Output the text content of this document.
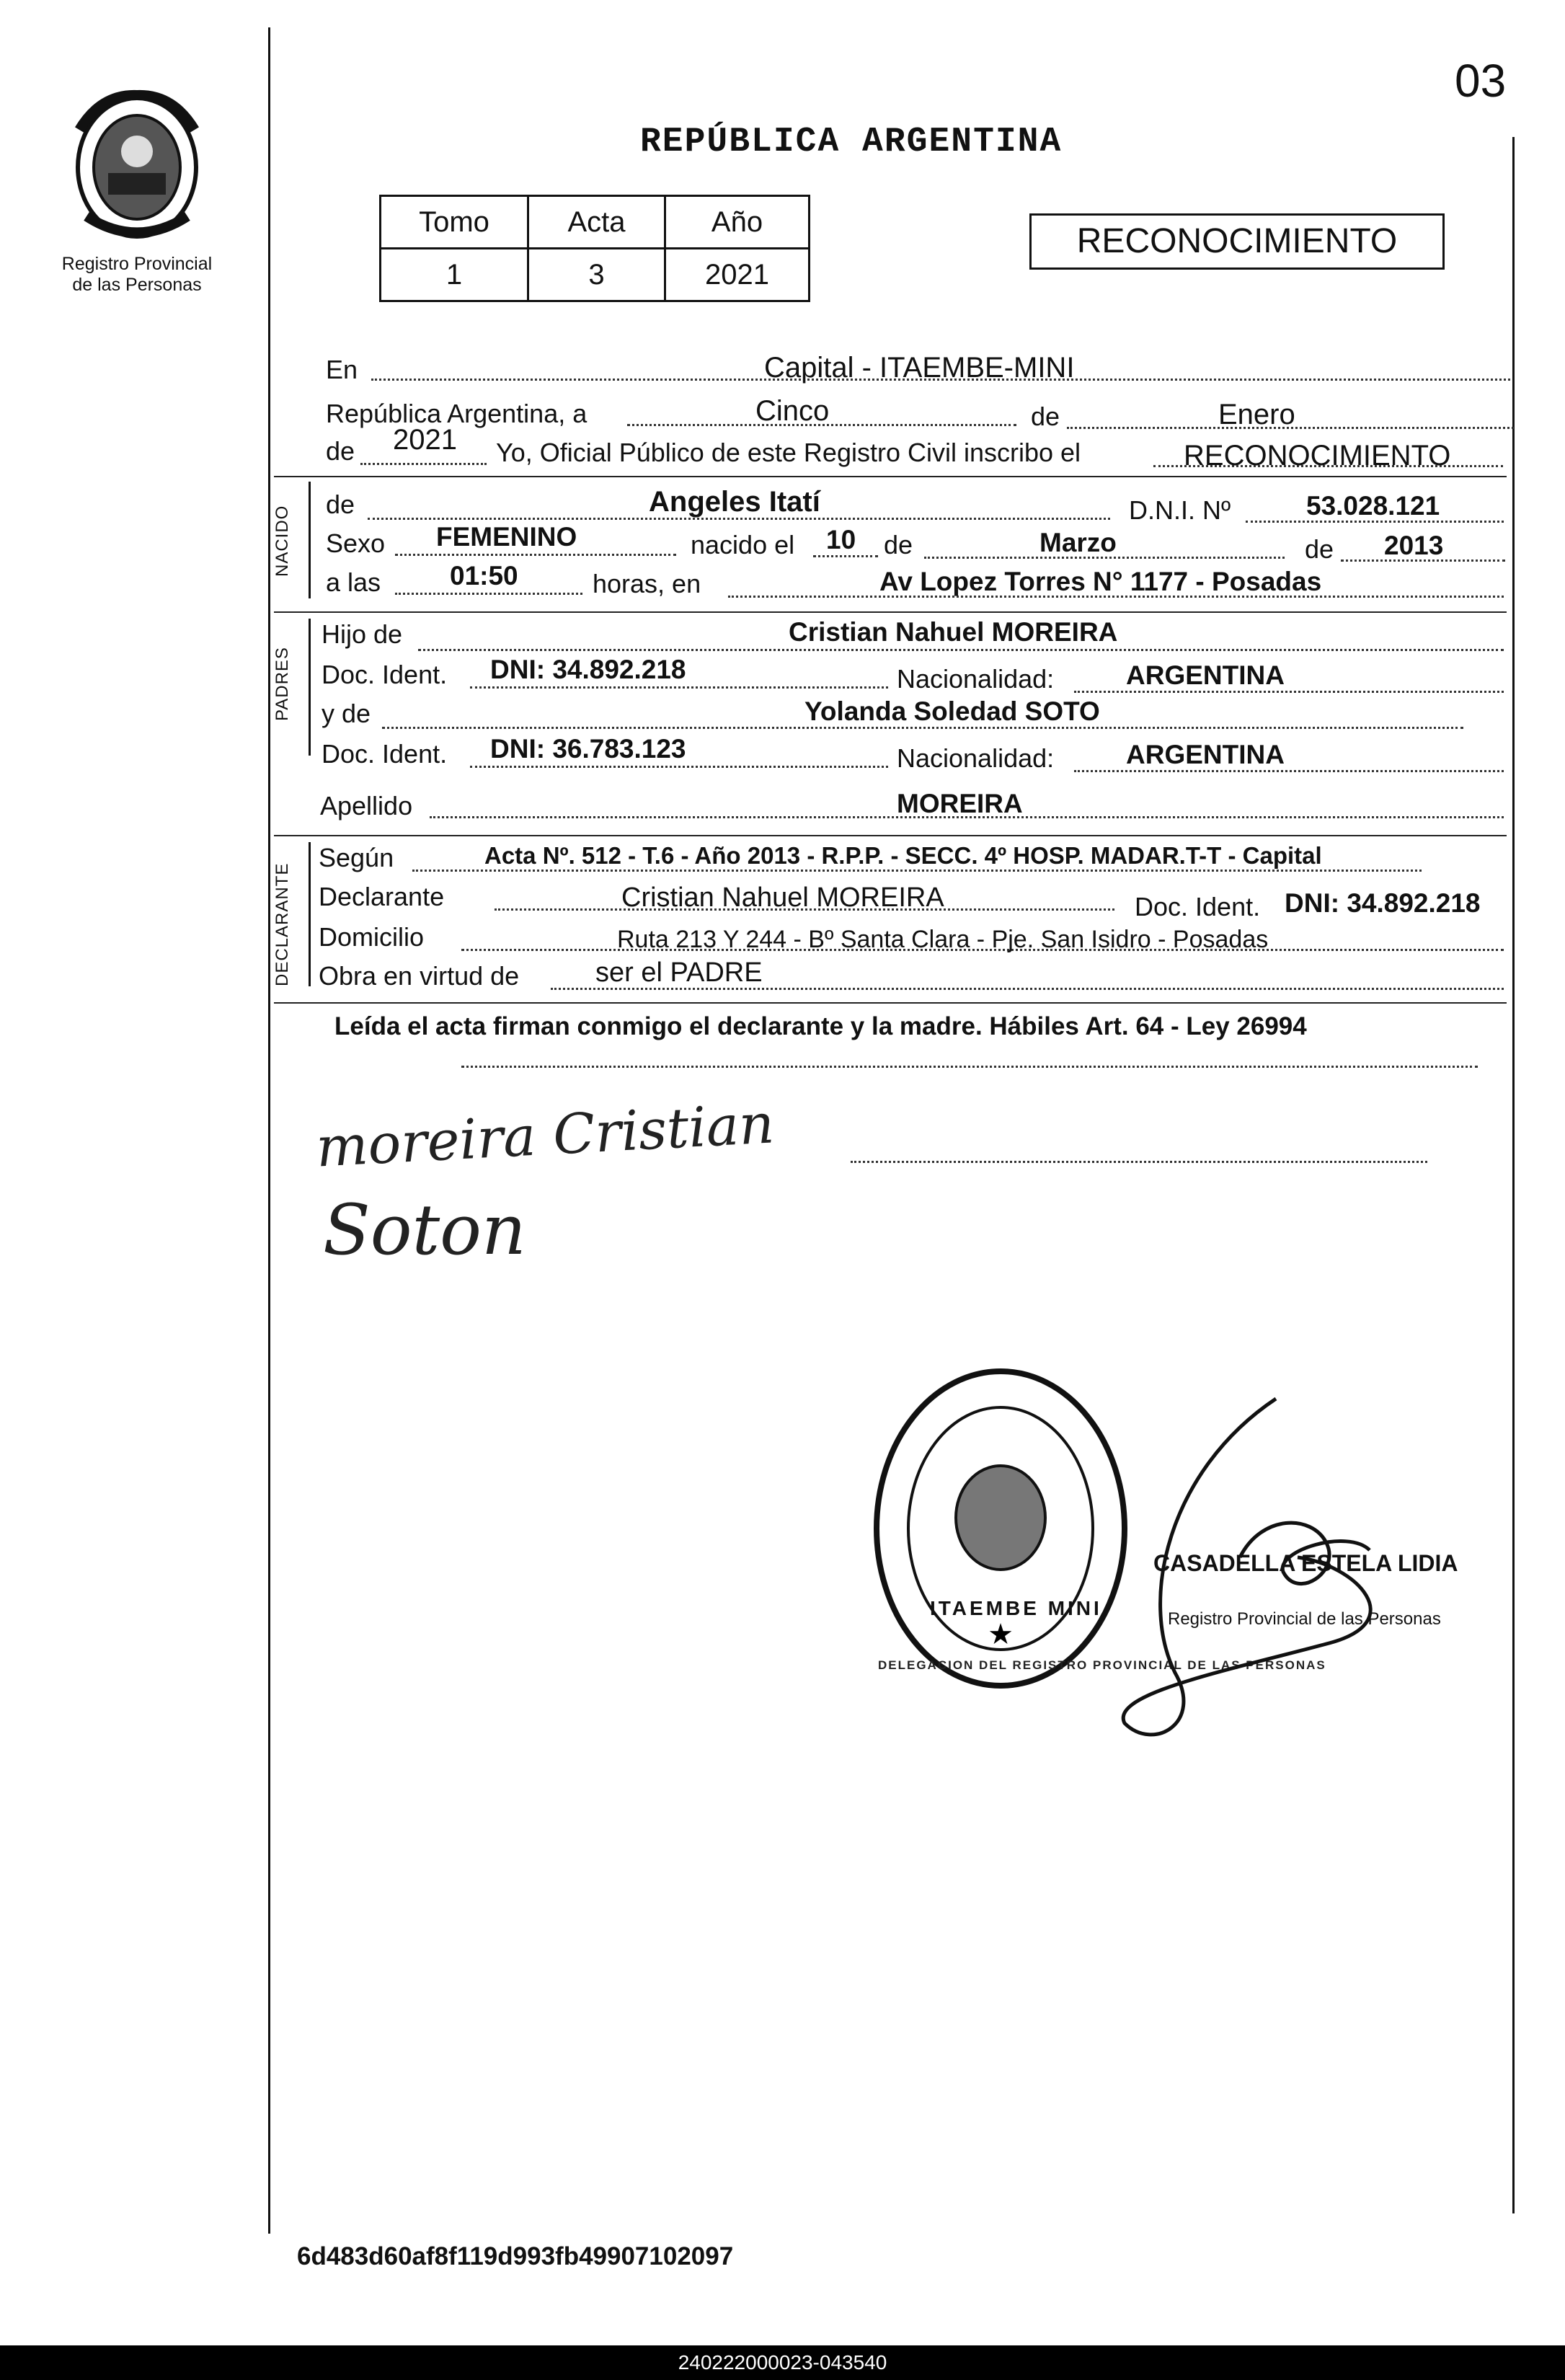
03
Registro Provincial
de las Personas
REPÚBLICA ARGENTINA
Tomo	Acta	Año
1	3	2021
RECONOCIMIENTO
En	Capital - ITAEMBE-MINI
República Argentina, a	Cinco	de	Enero
de 2021 Yo, Oficial Público de este Registro Civil inscribo el	RECONOCIMIENTO
NACIDO
de	Angeles Itatí	D.N.I. Nº	53.028.121
Sexo FEMENINO	nacido el 10 de	Marzo	de 2013
a las	01:50	horas, en	Av Lopez Torres N° 1177 - Posadas
PADRES
Hijo de	Cristian Nahuel MOREIRA
Doc. Ident. DNI: 34.892.218	Nacionalidad:	ARGENTINA
y de	Yolanda Soledad SOTO
Doc. Ident. DNI: 36.783.123	Nacionalidad:	ARGENTINA
Apellido	MOREIRA
DECLARANTE
Según	Acta Nº. 512 - T.6 - Año 2013 - R.P.P. - SECC. 4º HOSP. MADAR.T-T - Capital
Declarante	Cristian Nahuel MOREIRA	Doc. Ident. DNI: 34.892.218
Domicilio	Ruta 213 Y 244 - Bº Santa Clara - Pje. San Isidro - Posadas
Obra en virtud de	ser el PADRE
Leída el acta firman conmigo el declarante y la madre. Hábiles Art. 64 - Ley 26994
moreira Cristian
Soton
★
ITAEMBE MINI
DELEGACION DEL REGISTRO PROVINCIAL DE LAS PERSONAS
CASADELLA ESTELA LIDIA
Registro Provincial de las Personas
6d483d60af8f119d993fb49907102097
240222000023-043540
